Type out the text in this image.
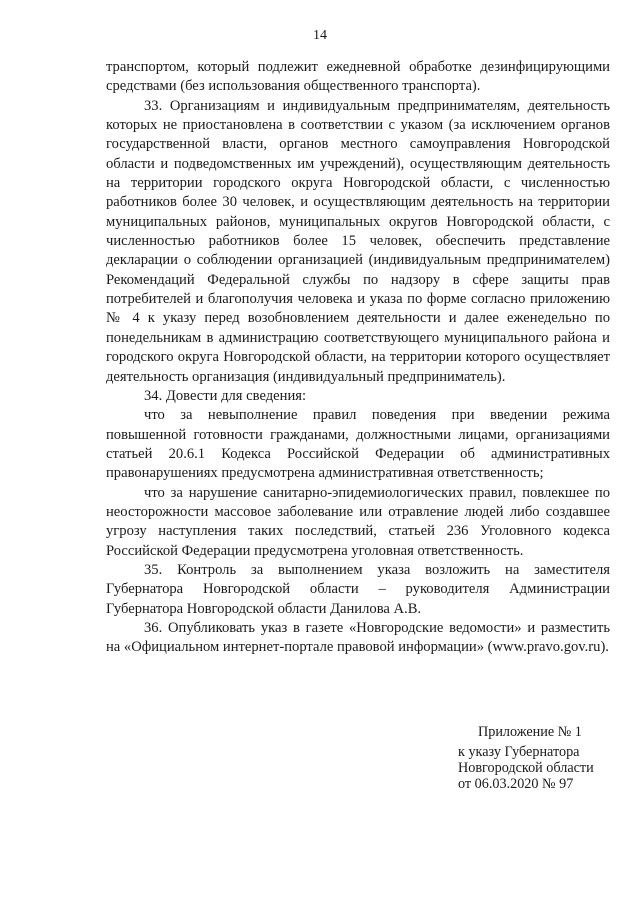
14

транспортом, который подлежит ежедневной обработке дезинфицирующими средствами (без использования общественного транспорта).

33. Организациям и индивидуальным предпринимателям, деятельность которых не приостановлена в соответствии с указом (за исключением органов государственной власти, органов местного самоуправления Новгородской области и подведомственных им учреждений), осуществляющим деятельность на территории городского округа Новгородской области, с численностью работников более 30 человек, и осуществляющим деятельность на территории муниципальных районов, муниципальных округов Новгородской области, с численностью работников более 15 человек, обеспечить представление декларации о соблюдении организацией (индивидуальным предпринимателем) Рекомендаций Федеральной службы по надзору в сфере защиты прав потребителей и благополучия человека и указа по форме согласно приложению № 4 к указу перед возобновлением деятельности и далее еженедельно по понедельникам в администрацию соответствующего муниципального района и городского округа Новгородской области, на территории которого осуществляет деятельность организация (индивидуальный предприниматель).

34. Довести для сведения:

что за невыполнение правил поведения при введении режима повышенной готовности гражданами, должностными лицами, организациями статьей 20.6.1 Кодекса Российской Федерации об административных правонарушениях предусмотрена административная ответственность;

что за нарушение санитарно-эпидемиологических правил, повлекшее по неосторожности массовое заболевание или отравление людей либо создавшее угрозу наступления таких последствий, статьей 236 Уголовного кодекса Российской Федерации предусмотрена уголовная ответственность.

35. Контроль за выполнением указа возложить на заместителя Губернатора Новгородской области – руководителя Администрации Губернатора Новгородской области Данилова А.В.

36. Опубликовать указ в газете «Новгородские ведомости» и разместить на «Официальном интернет-портале правовой информации» (www.pravo.gov.ru).

Приложение № 1
к указу Губернатора
Новгородской области
от 06.03.2020 № 97
